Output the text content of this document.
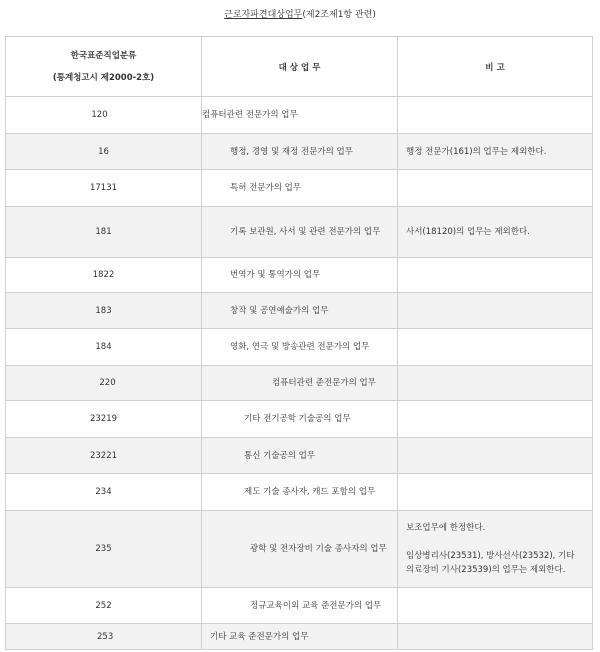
근로자파견대상업무(제2조제1항 관련)
한국표준직업분류
(통계청고시 제2000-2호)	대 상 업 무	비 고
120	컴퓨터관련 전문가의 업무	
16	행정, 경영 및 재정 전문가의 업무	행정 전문가(161)의 업무는 제외한다.
17131	특허 전문가의 업무	
181	기록 보관원, 사서 및 관련 전문가의 업무	사서(18120)의 업무는 제외한다.
1822	번역가 및 통역가의 업무	
183	창작 및 공연예술가의 업무	
184	영화, 연극 및 방송관련 전문가의 업무	
220	컴퓨터관련 준전문가의 업무	
23219	기타 전기공학 기술공의 업무	
23221	통신 기술공의 업무	
234	제도 기술 종사자, 캐드 포함의 업무	
235	광학 및 전자장비 기술 종사자의 업무	보조업무에 한정한다.

임상병리사(23531), 방사선사(23532), 기타 의료장비 기사(23539)의 업무는 제외한다.

252	정규교육이외 교육 준전문가의 업무	
253	기타 교육 준전문가의 업무	
